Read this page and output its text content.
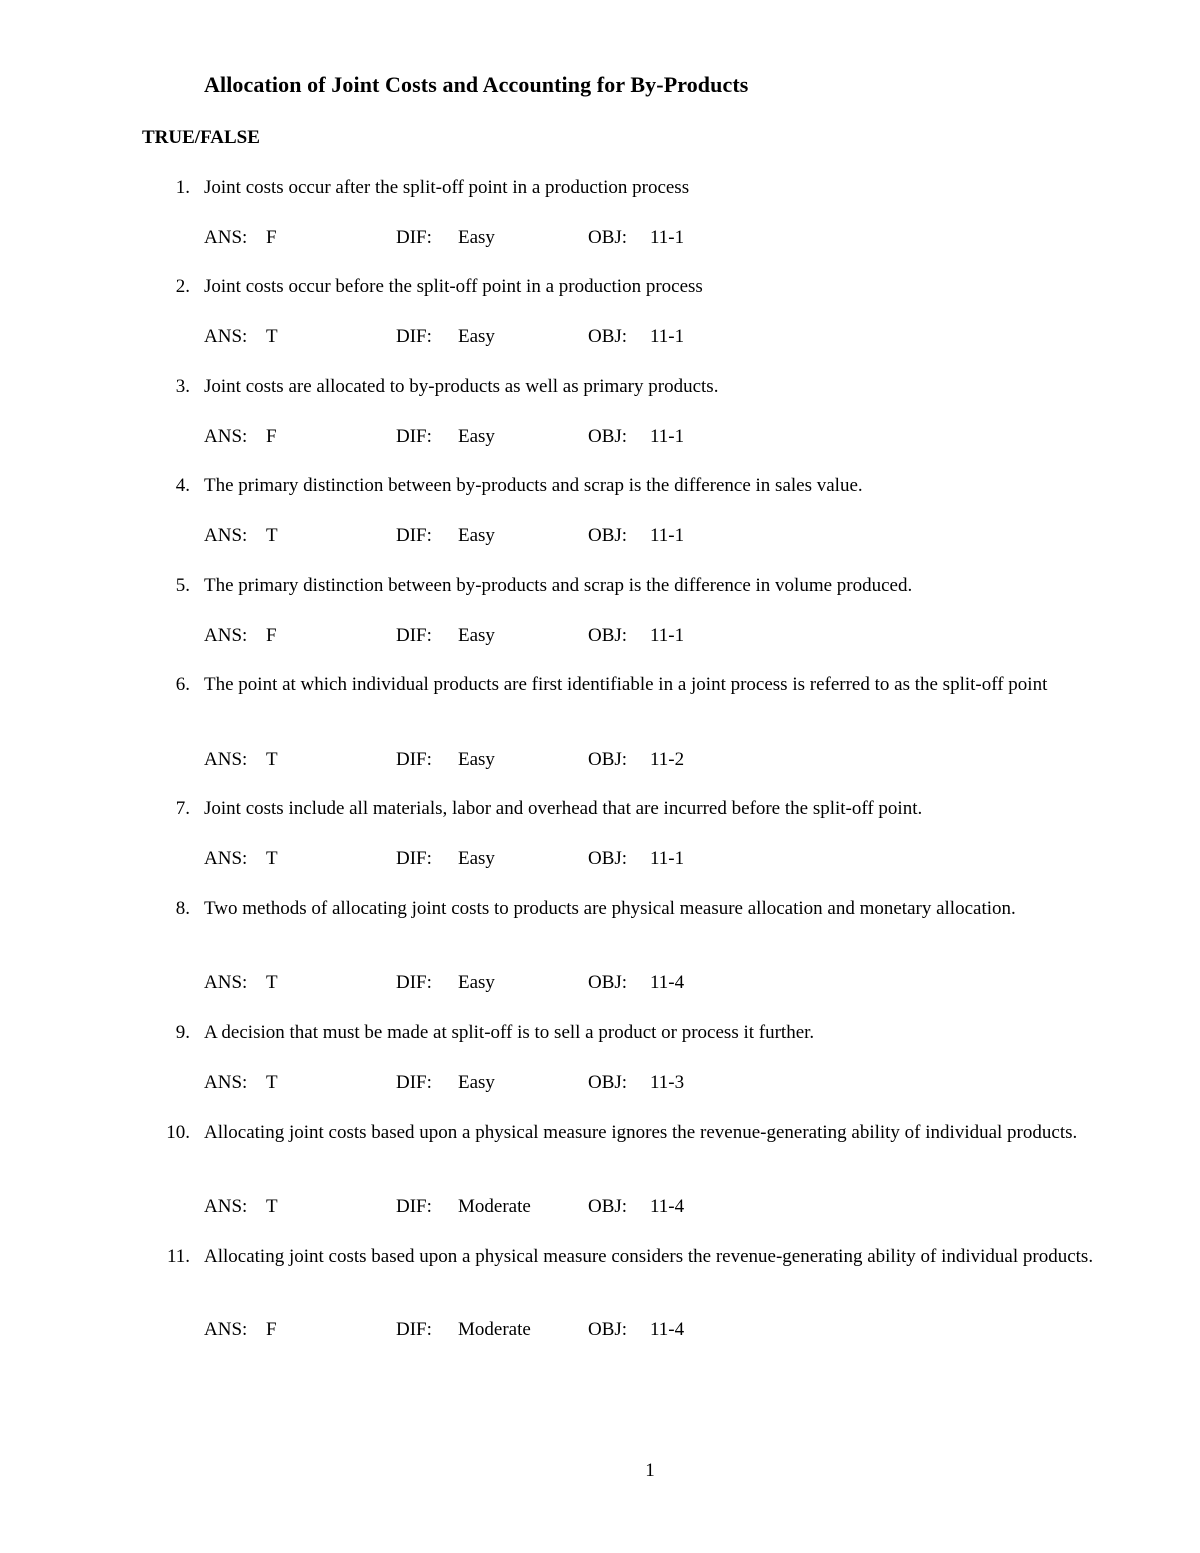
Allocation of Joint Costs and Accounting for By-Products
TRUE/FALSE
1. Joint costs occur after the split-off point in a production process
ANS: F	DIF: Easy	OBJ: 11-1
2. Joint costs occur before the split-off point in a production process
ANS: T	DIF: Easy	OBJ: 11-1
3. Joint costs are allocated to by-products as well as primary products.
ANS: F	DIF: Easy	OBJ: 11-1
4. The primary distinction between by-products and scrap is the difference in sales value.
ANS: T	DIF: Easy	OBJ: 11-1
5. The primary distinction between by-products and scrap is the difference in volume produced.
ANS: F	DIF: Easy	OBJ: 11-1
6. The point at which individual products are first identifiable in a joint process is referred to as the split-off point
ANS: T	DIF: Easy	OBJ: 11-2
7. Joint costs include all materials, labor and overhead that are incurred before the split-off point.
ANS: T	DIF: Easy	OBJ: 11-1
8. Two methods of allocating joint costs to products are physical measure allocation and monetary allocation.
ANS: T	DIF: Easy	OBJ: 11-4
9. A decision that must be made at split-off is to sell a product or process it further.
ANS: T	DIF: Easy	OBJ: 11-3
10. Allocating joint costs based upon a physical measure ignores the revenue-generating ability of individual products.
ANS: T	DIF: Moderate	OBJ: 11-4
11. Allocating joint costs based upon a physical measure considers the revenue-generating ability of individual products.
ANS: F	DIF: Moderate	OBJ: 11-4
1
